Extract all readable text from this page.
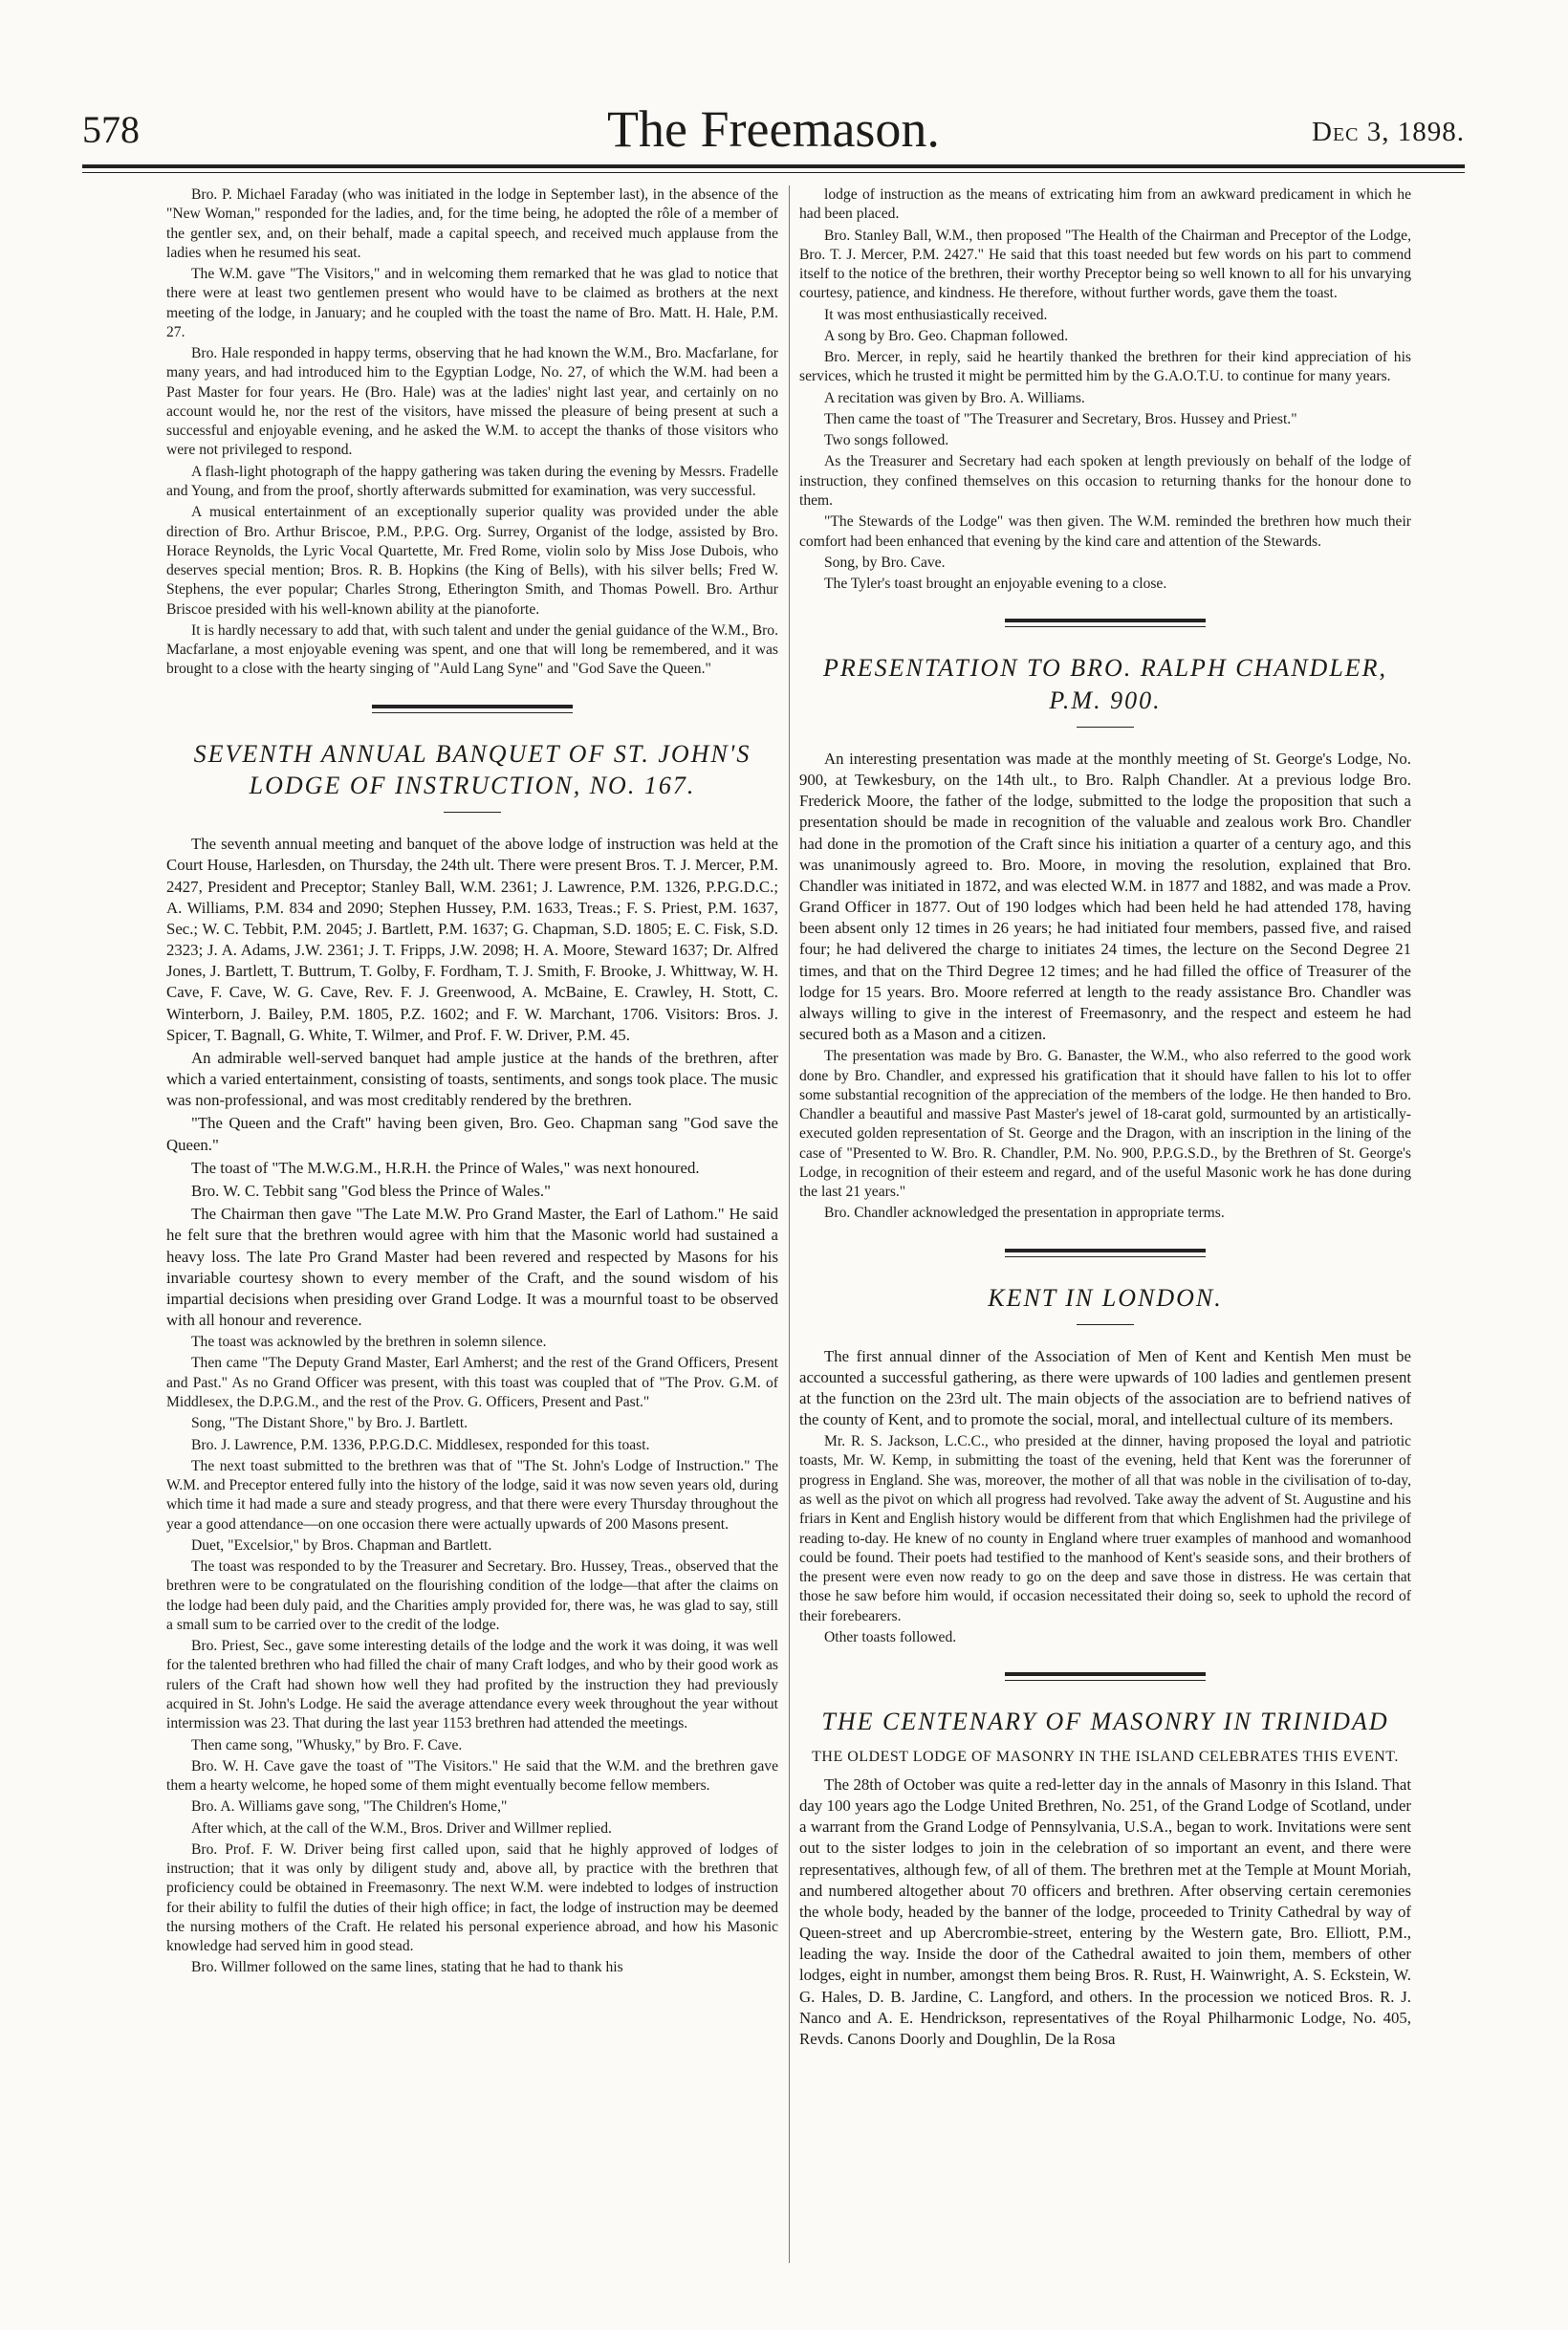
578	The Freemason.	Dec 3, 1898.

Bro. P. Michael Faraday (who was initiated in the lodge in September last), in the absence of the "New Woman," responded for the ladies, and, for the time being, he adopted the rôle of a member of the gentler sex, and, on their behalf, made a capital speech, and received much applause from the ladies when he resumed his seat.

The W.M. gave "The Visitors," and in welcoming them remarked that he was glad to notice that there were at least two gentlemen present who would have to be claimed as brothers at the next meeting of the lodge, in January; and he coupled with the toast the name of Bro. Matt. H. Hale, P.M. 27.

Bro. Hale responded in happy terms, observing that he had known the W.M., Bro. Macfarlane, for many years, and had introduced him to the Egyptian Lodge, No. 27, of which the W.M. had been a Past Master for four years. He (Bro. Hale) was at the ladies' night last year, and certainly on no account would he, nor the rest of the visitors, have missed the pleasure of being present at such a successful and enjoyable evening, and he asked the W.M. to accept the thanks of those visitors who were not privileged to respond.

A flash-light photograph of the happy gathering was taken during the evening by Messrs. Fradelle and Young, and from the proof, shortly afterwards submitted for examination, was very successful.

A musical entertainment of an exceptionally superior quality was provided under the able direction of Bro. Arthur Briscoe, P.M., P.P.G. Org. Surrey, Organist of the lodge, assisted by Bro. Horace Reynolds, the Lyric Vocal Quartette, Mr. Fred Rome, violin solo by Miss Jose Dubois, who deserves special mention; Bros. R. B. Hopkins (the King of Bells), with his silver bells; Fred W. Stephens, the ever popular; Charles Strong, Etherington Smith, and Thomas Powell. Bro. Arthur Briscoe presided with his well-known ability at the pianoforte.

It is hardly necessary to add that, with such talent and under the genial guidance of the W.M., Bro. Macfarlane, a most enjoyable evening was spent, and one that will long be remembered, and it was brought to a close with the hearty singing of "Auld Lang Syne" and "God Save the Queen."

SEVENTH ANNUAL BANQUET OF ST. JOHN'S LODGE OF INSTRUCTION, NO. 167.

The seventh annual meeting and banquet of the above lodge of instruction was held at the Court House, Harlesden, on Thursday, the 24th ult. There were present Bros. T. J. Mercer, P.M. 2427, President and Preceptor; Stanley Ball, W.M. 2361; J. Lawrence, P.M. 1326, P.P.G.D.C.; A. Williams, P.M. 834 and 2090; Stephen Hussey, P.M. 1633, Treas.; F. S. Priest, P.M. 1637, Sec.; W. C. Tebbit, P.M. 2045; J. Bartlett, P.M. 1637; G. Chapman, S.D. 1805; E. C. Fisk, S.D. 2323; J. A. Adams, J.W. 2361; J. T. Fripps, J.W. 2098; H. A. Moore, Steward 1637; Dr. Alfred Jones, J. Bartlett, T. Buttrum, T. Golby, F. Fordham, T. J. Smith, F. Brooke, J. Whittway, W. H. Cave, F. Cave, W. G. Cave, Rev. F. J. Greenwood, A. McBaine, E. Crawley, H. Stott, C. Winterborn, J. Bailey, P.M. 1805, P.Z. 1602; and F. W. Marchant, 1706. Visitors: Bros. J. Spicer, T. Bagnall, G. White, T. Wilmer, and Prof. F. W. Driver, P.M. 45.

An admirable well-served banquet had ample justice at the hands of the brethren, after which a varied entertainment, consisting of toasts, sentiments, and songs took place. The music was non-professional, and was most creditably rendered by the brethren.

"The Queen and the Craft" having been given, Bro. Geo. Chapman sang "God save the Queen."

The toast of "The M.W.G.M., H.R.H. the Prince of Wales," was next honoured.

Bro. W. C. Tebbit sang "God bless the Prince of Wales."

The Chairman then gave "The Late M.W. Pro Grand Master, the Earl of Lathom." He said he felt sure that the brethren would agree with him that the Masonic world had sustained a heavy loss. The late Pro Grand Master had been revered and respected by Masons for his invariable courtesy shown to every member of the Craft, and the sound wisdom of his impartial decisions when presiding over Grand Lodge. It was a mournful toast to be observed with all honour and reverence.

The toast was acknowled by the brethren in solemn silence.

Then came "The Deputy Grand Master, Earl Amherst; and the rest of the Grand Officers, Present and Past." As no Grand Officer was present, with this toast was coupled that of "The Prov. G.M. of Middlesex, the D.P.G.M., and the rest of the Prov. G. Officers, Present and Past."

Song, "The Distant Shore," by Bro. J. Bartlett.

Bro. J. Lawrence, P.M. 1336, P.P.G.D.C. Middlesex, responded for this toast.

The next toast submitted to the brethren was that of "The St. John's Lodge of Instruction." The W.M. and Preceptor entered fully into the history of the lodge, said it was now seven years old, during which time it had made a sure and steady progress, and that there were every Thursday throughout the year a good attendance—on one occasion there were actually upwards of 200 Masons present.

Duet, "Excelsior," by Bros. Chapman and Bartlett.

The toast was responded to by the Treasurer and Secretary. Bro. Hussey, Treas., observed that the brethren were to be congratulated on the flourishing condition of the lodge—that after the claims on the lodge had been duly paid, and the Charities amply provided for, there was, he was glad to say, still a small sum to be carried over to the credit of the lodge.

Bro. Priest, Sec., gave some interesting details of the lodge and the work it was doing, it was well for the talented brethren who had filled the chair of many Craft lodges, and who by their good work as rulers of the Craft had shown how well they had profited by the instruction they had previously acquired in St. John's Lodge. He said the average attendance every week throughout the year without intermission was 23. That during the last year 1153 brethren had attended the meetings.

Then came song, "Whusky," by Bro. F. Cave.

Bro. W. H. Cave gave the toast of "The Visitors." He said that the W.M. and the brethren gave them a hearty welcome, he hoped some of them might eventually become fellow members.

Bro. A. Williams gave song, "The Children's Home,"

After which, at the call of the W.M., Bros. Driver and Willmer replied.

Bro. Prof. F. W. Driver being first called upon, said that he highly approved of lodges of instruction; that it was only by diligent study and, above all, by practice with the brethren that proficiency could be obtained in Freemasonry. The next W.M. were indebted to lodges of instruction for their ability to fulfil the duties of their high office; in fact, the lodge of instruction may be deemed the nursing mothers of the Craft. He related his personal experience abroad, and how his Masonic knowledge had served him in good stead.

Bro. Willmer followed on the same lines, stating that he had to thank his

lodge of instruction as the means of extricating him from an awkward predicament in which he had been placed.

Bro. Stanley Ball, W.M., then proposed "The Health of the Chairman and Preceptor of the Lodge, Bro. T. J. Mercer, P.M. 2427." He said that this toast needed but few words on his part to commend itself to the notice of the brethren, their worthy Preceptor being so well known to all for his unvarying courtesy, patience, and kindness. He therefore, without further words, gave them the toast.

It was most enthusiastically received.

A song by Bro. Geo. Chapman followed.

Bro. Mercer, in reply, said he heartily thanked the brethren for their kind appreciation of his services, which he trusted it might be permitted him by the G.A.O.T.U. to continue for many years.

A recitation was given by Bro. A. Williams.

Then came the toast of "The Treasurer and Secretary, Bros. Hussey and Priest."

Two songs followed.

As the Treasurer and Secretary had each spoken at length previously on behalf of the lodge of instruction, they confined themselves on this occasion to returning thanks for the honour done to them.

"The Stewards of the Lodge" was then given. The W.M. reminded the brethren how much their comfort had been enhanced that evening by the kind care and attention of the Stewards.

Song, by Bro. Cave.

The Tyler's toast brought an enjoyable evening to a close.

PRESENTATION TO BRO. RALPH CHANDLER, P.M. 900.

An interesting presentation was made at the monthly meeting of St. George's Lodge, No. 900, at Tewkesbury, on the 14th ult., to Bro. Ralph Chandler. At a previous lodge Bro. Frederick Moore, the father of the lodge, submitted to the lodge the proposition that such a presentation should be made in recognition of the valuable and zealous work Bro. Chandler had done in the promotion of the Craft since his initiation a quarter of a century ago, and this was unanimously agreed to. Bro. Moore, in moving the resolution, explained that Bro. Chandler was initiated in 1872, and was elected W.M. in 1877 and 1882, and was made a Prov. Grand Officer in 1877. Out of 190 lodges which had been held he had attended 178, having been absent only 12 times in 26 years; he had initiated four members, passed five, and raised four; he had delivered the charge to initiates 24 times, the lecture on the Second Degree 21 times, and that on the Third Degree 12 times; and he had filled the office of Treasurer of the lodge for 15 years. Bro. Moore referred at length to the ready assistance Bro. Chandler was always willing to give in the interest of Freemasonry, and the respect and esteem he had secured both as a Mason and a citizen.

The presentation was made by Bro. G. Banaster, the W.M., who also referred to the good work done by Bro. Chandler, and expressed his gratification that it should have fallen to his lot to offer some substantial recognition of the appreciation of the members of the lodge. He then handed to Bro. Chandler a beautiful and massive Past Master's jewel of 18-carat gold, surmounted by an artistically-executed golden representation of St. George and the Dragon, with an inscription in the lining of the case of "Presented to W. Bro. R. Chandler, P.M. No. 900, P.P.G.S.D., by the Brethren of St. George's Lodge, in recognition of their esteem and regard, and of the useful Masonic work he has done during the last 21 years."

Bro. Chandler acknowledged the presentation in appropriate terms.

KENT IN LONDON.

The first annual dinner of the Association of Men of Kent and Kentish Men must be accounted a successful gathering, as there were upwards of 100 ladies and gentlemen present at the function on the 23rd ult. The main objects of the association are to befriend natives of the county of Kent, and to promote the social, moral, and intellectual culture of its members.

Mr. R. S. Jackson, L.C.C., who presided at the dinner, having proposed the loyal and patriotic toasts, Mr. W. Kemp, in submitting the toast of the evening, held that Kent was the forerunner of progress in England. She was, moreover, the mother of all that was noble in the civilisation of to-day, as well as the pivot on which all progress had revolved. Take away the advent of St. Augustine and his friars in Kent and English history would be different from that which Englishmen had the privilege of reading to-day. He knew of no county in England where truer examples of manhood and womanhood could be found. Their poets had testified to the manhood of Kent's seaside sons, and their brothers of the present were even now ready to go on the deep and save those in distress. He was certain that those he saw before him would, if occasion necessitated their doing so, seek to uphold the record of their forebearers.

Other toasts followed.

THE CENTENARY OF MASONRY IN TRINIDAD
THE OLDEST LODGE OF MASONRY IN THE ISLAND CELEBRATES THIS EVENT.

The 28th of October was quite a red-letter day in the annals of Masonry in this Island. That day 100 years ago the Lodge United Brethren, No. 251, of the Grand Lodge of Scotland, under a warrant from the Grand Lodge of Pennsylvania, U.S.A., began to work. Invitations were sent out to the sister lodges to join in the celebration of so important an event, and there were representatives, although few, of all of them. The brethren met at the Temple at Mount Moriah, and numbered altogether about 70 officers and brethren. After observing certain ceremonies the whole body, headed by the banner of the lodge, proceeded to Trinity Cathedral by way of Queen-street and up Abercrombie-street, entering by the Western gate, Bro. Elliott, P.M., leading the way. Inside the door of the Cathedral awaited to join them, members of other lodges, eight in number, amongst them being Bros. R. Rust, H. Wainwright, A. S. Eckstein, W. G. Hales, D. B. Jardine, C. Langford, and others. In the procession we noticed Bros. R. J. Nanco and A. E. Hendrickson, representatives of the Royal Philharmonic Lodge, No. 405, Revds. Canons Doorly and Doughlin, De la Rosa
